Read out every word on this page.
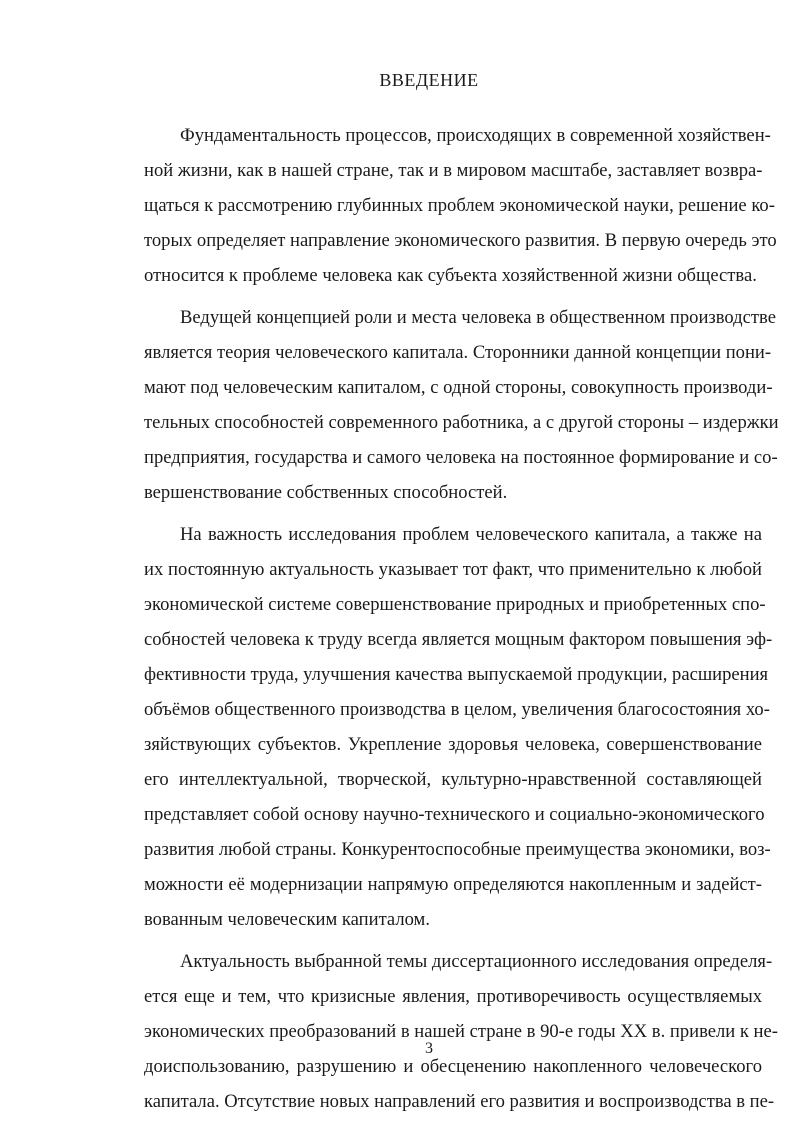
ВВЕДЕНИЕ

Фундаментальность процессов, происходящих в современной хозяйствен-
ной жизни, как в нашей стране, так и в мировом масштабе, заставляет возвра-
щаться к рассмотрению глубинных проблем экономической науки, решение ко-
торых определяет направление экономического развития. В первую очередь это
относится к проблеме человека как субъекта хозяйственной жизни общества.

Ведущей концепцией роли и места человека в общественном производстве
является теория человеческого капитала. Сторонники данной концепции пони-
мают под человеческим капиталом, с одной стороны, совокупность производи-
тельных способностей современного работника, а с другой стороны – издержки
предприятия, государства и самого человека на постоянное формирование и со-
вершенствование собственных способностей.

На важность исследования проблем человеческого капитала, а также на
их постоянную актуальность указывает тот факт, что применительно к любой
экономической системе совершенствование природных и приобретенных спо-
собностей человека к труду всегда является мощным фактором повышения эф-
фективности труда, улучшения качества выпускаемой продукции, расширения
объёмов общественного производства в целом, увеличения благосостояния хо-
зяйствующих субъектов. Укрепление здоровья человека, совершенствование
его интеллектуальной, творческой, культурно-нравственной составляющей
представляет собой основу научно-технического и социально-экономического
развития любой страны. Конкурентоспособные преимущества экономики, воз-
можности её модернизации напрямую определяются накопленным и задейст-
вованным человеческим капиталом.

Актуальность выбранной темы диссертационного исследования определя-
ется еще и тем, что кризисные явления, противоречивость осуществляемых
экономических преобразований в нашей стране в 90-е годы XX в. привели к не-
доиспользованию, разрушению и обесценению накопленного человеческого
капитала. Отсутствие новых направлений его развития и воспроизводства в пе-

3
